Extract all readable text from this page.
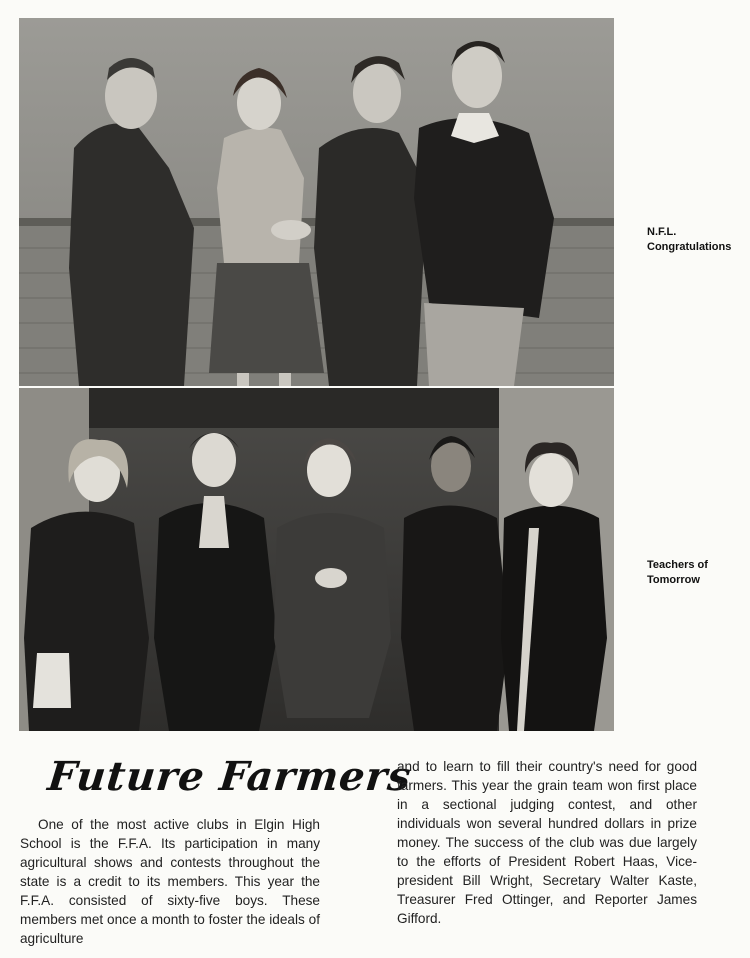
N.F.L.
Congratulations
Teachers of
Tomorrow
Future Farmers
One of the most active clubs in Elgin High School is the F.F.A. Its participation in many agricultural shows and contests throughout the state is a credit to its members. This year the F.F.A. consisted of sixty-five boys. These members met once a month to foster the ideals of agriculture
and to learn to fill their country's need for good farmers. This year the grain team won first place in a sectional judging contest, and other individuals won several hundred dollars in prize money. The success of the club was due largely to the efforts of President Robert Haas, Vice-president Bill Wright, Secretary Walter Kaste, Treasurer Fred Ottinger, and Reporter James Gifford.
